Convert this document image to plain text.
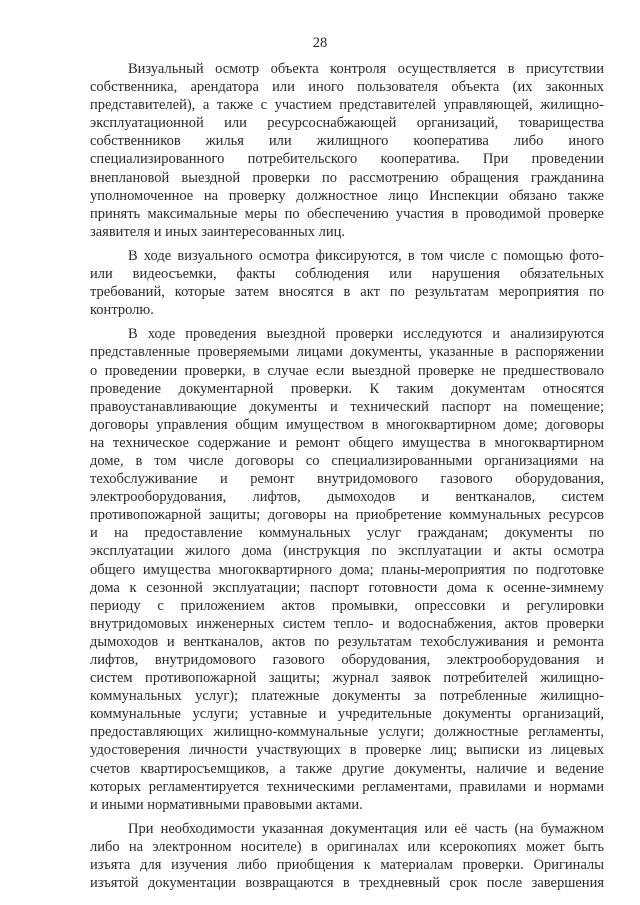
28
Визуальный осмотр объекта контроля осуществляется в присутствии
собственника, арендатора или иного пользователя объекта (их законных
представителей), а также с участием представителей управляющей, жилищно-
эксплуатационной или ресурсоснабжающей организаций, товарищества
собственников жилья или жилищного кооператива либо иного
специализированного потребительского кооператива. При проведении
внеплановой выездной проверки по рассмотрению обращения гражданина
уполномоченное на проверку должностное лицо Инспекции обязано также
принять максимальные меры по обеспечению участия в проводимой проверке
заявителя и иных заинтересованных лиц.
В ходе визуального осмотра фиксируются, в том числе с помощью фото-
или видеосъемки, факты соблюдения или нарушения обязательных
требований, которые затем вносятся в акт по результатам мероприятия по
контролю.
В ходе проведения выездной проверки исследуются и анализируются
представленные проверяемыми лицами документы, указанные в распоряжении
о проведении проверки, в случае если выездной проверке не предшествовало
проведение документарной проверки. К таким документам относятся
правоустанавливающие документы и технический паспорт на помещение;
договоры управления общим имуществом в многоквартирном доме; договоры
на техническое содержание и ремонт общего имущества в многоквартирном
доме, в том числе договоры со специализированными организациями на
техобслуживание и ремонт внутридомового газового оборудования,
электрооборудования, лифтов, дымоходов и вентканалов, систем
противопожарной защиты; договоры на приобретение коммунальных ресурсов
и на предоставление коммунальных услуг гражданам; документы по
эксплуатации жилого дома (инструкция по эксплуатации и акты осмотра
общего имущества многоквартирного дома; планы-мероприятия по подготовке
дома к сезонной эксплуатации; паспорт готовности дома к осенне-зимнему
периоду с приложением актов промывки, опрессовки и регулировки
внутридомовых инженерных систем тепло- и водоснабжения, актов проверки
дымоходов и вентканалов, актов по результатам техобслуживания и ремонта
лифтов, внутридомового газового оборудования, электрооборудования и
систем противопожарной защиты; журнал заявок потребителей жилищно-
коммунальных услуг); платежные документы за потребленные жилищно-
коммунальные услуги; уставные и учредительные документы организаций,
предоставляющих жилищно-коммунальные услуги; должностные регламенты,
удостоверения личности участвующих в проверке лиц; выписки из лицевых
счетов квартиросъемщиков, а также другие документы, наличие и ведение
которых регламентируется техническими регламентами, правилами и нормами
и иными нормативными правовыми актами.
При необходимости указанная документация или её часть (на бумажном
либо на электронном носителе) в оригиналах или ксерокопиях может быть
изъята для изучения либо приобщения к материалам проверки. Оригиналы
изъятой документации возвращаются в трехдневный срок после завершения
